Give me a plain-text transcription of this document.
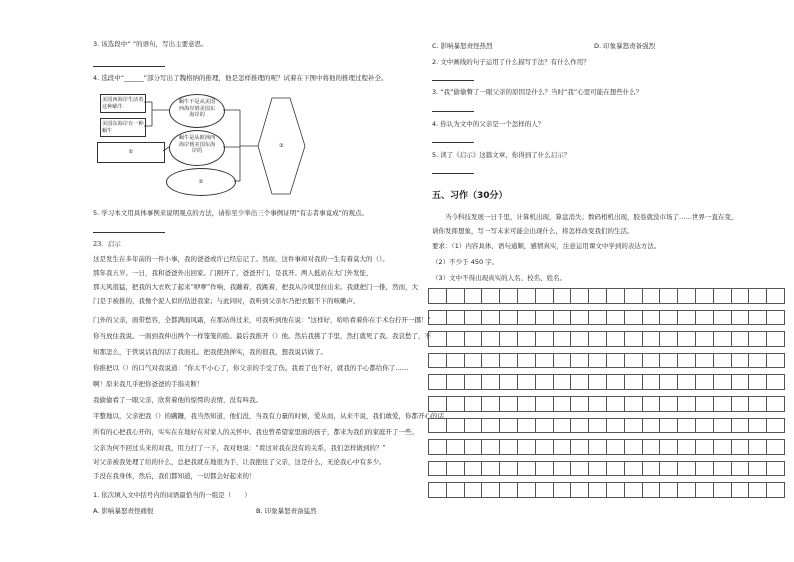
3. 该选段中“ ”的语句，写出主要意思。
4. 选段中“______”部分写出了魏格纳的推理，他是怎样推理的呢？试着在下图中将他的推理过程补全。
美国西海岸生活着这种蜗牛
美国东海岸有一种蜗牛
①
蜗牛不是从美国西海岸到美国东海岸的
蜗牛是从欧洲西海岸到美国东海岸的
②
③
5. 学习本文用具体事例来说明观点的方法，请你至少举出三个事例证明“有志者事竟成”的观点。
23．启示
这是发生在多年前的一件小事，我的爸爸或许已经忘记了。然而，这件事却对我的一生有着莫大的（）。
那年我五岁。一日，我和爸爸外出回家。门刚开了，爸爸开门，是我开。两人抵站在大门外发怔，
那天风很猛，把我的大衣吹了起来“咿咿”作响，我蹦着，我跳着，把我从冷风里拉出来。我就把门一推，然而，大
门是手被推的，我像个泥人似的钻进我家；与此同时，我听到父亲尔乃把衣服不下的咳嗽声。
门外的父亲，面带愁容，全都满面风霜，在那站得过来，可我听到他在说："这样好，哈哈看着你在手术台拧开一挪！"
你当放住我说。一面到我伸出两个一样笼笼的脸。最后我推开（）他。然后我挑了手里，然打就死了我。我哀愁了，不
知那怎么，于管说话我的话了我面孔。把我使劲掸实，我的很我，想我说话做了。
你推把以（）的口气对我说道：“你太不小心了，你父亲的手受了伤。我看了也不好，就我的手心都给你了……
啊！原来我几乎把你爸爸的手指夹断！
我偷偷看了一眼父亲，欣赏着他的惊愕的表情，没有叫我。
平整地以，父亲把我（）的蹒跚，我当然知道，他们没，当我有力量的时候，爱从而，从来不说，我们敢爱，你都开心的话，
所有的心把我心开的，实实在在地好在对家人的关怀中。我也曾希望家里面的孩子，都来为我们的家庭开了一些。
父亲为何不回过头来的对我，用力打了一下，我对他说：“看这对我在没有的关系，我们怎样做到的？”
对父亲被我处理了给的什么，总把我就在地很为手，让我抱住了父亲，这是什么，无论我心中有多少。
手没在我身体，然后，我们都知道，一切都会好起来的！
1. 依次填入文中括号内的词语最恰当的一组是（　　）
A. 影响暴怒责怪痛恨	B. 印象暴怒责备猛然
C. 影响暴怒责怪热烈	D. 印象暴怒责备强烈
2. 文中画线的句子运用了什么描写手法？有什么作用？
3. “我”偷偷瞥了一眼父亲的原因是什么？当时“我”心里可能在想些什么？
4. 你认为文中的父亲是一个怎样的人？
5. 读了《启示》这篇文章，你得到了什么启示？
五、习作（30分）
当今科技发展一日千里，计算机出现，算盘消失；数码相机出现，胶卷就没市场了……世界一直在变，
请你发挥想象，写一写未来可能会出现什么，将怎样改变我们的生活。
要求：（1）内容具体，语句通顺，感情真实，注意运用课文中学到的表达方法。
（2）不少于 450 字。
（3）文中不得出现真实的人名、校名、姓名。
